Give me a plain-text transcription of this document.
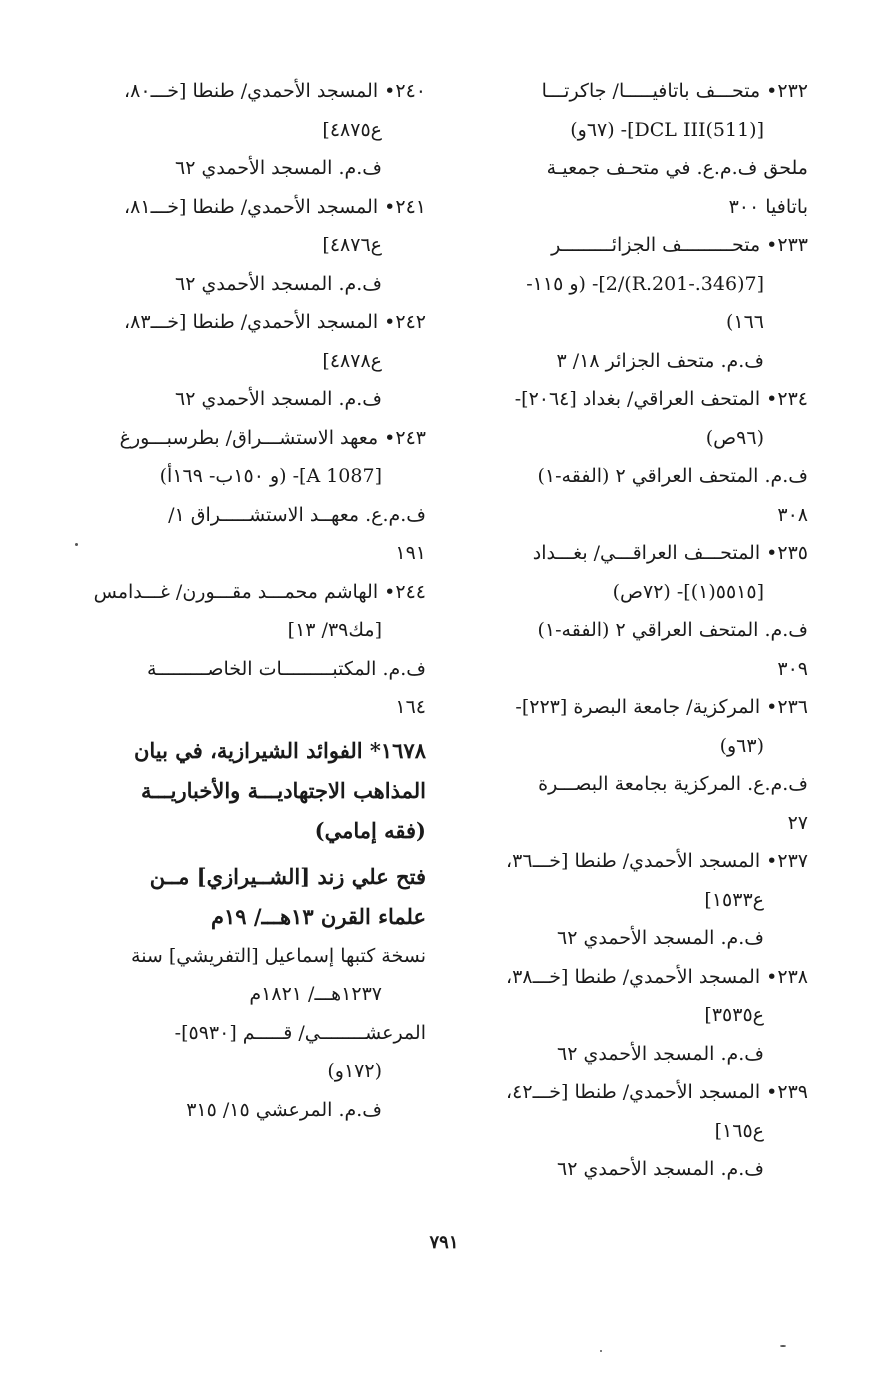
٢٣٢• متحـــف باتافيـــــا/ جاكرتـــا

[(511)DCL III]- (٦٧و)

ملحق ف.م.ع. في متحـف جمعيـة

باتافيا ٣٠٠

٢٣٣• متحـــــــــف الجزائـــــــــر

[7(346.-R.201)/2]- (و ١١٥-

١٦٦)

ف.م. متحف الجزائر ١٨/ ٣

٢٣٤• المتحف العراقي/ بغداد [٢٠٦٤]-

(٩٦ص)

ف.م. المتحف العراقي ٢ (الفقه-١)

٣٠٨

٢٣٥• المتحـــف العراقـــي/ بغـــداد

[٥٥١٥(١)]- (٧٢ص)

ف.م. المتحف العراقي ٢ (الفقه-١)

٣٠٩

٢٣٦• المركزية/ جامعة البصرة [٢٢٣]-

(٦٣و)

ف.م.ع. المركزية بجامعة البصـــرة

٢٧

٢٣٧• المسجد الأحمدي/ طنطا [خـــ٣٦،

ع١٥٣٣]

ف.م. المسجد الأحمدي ٦٢

٢٣٨• المسجد الأحمدي/ طنطا [خـــ٣٨،

ع٣٥٣٥]

ف.م. المسجد الأحمدي ٦٢

٢٣٩• المسجد الأحمدي/ طنطا [خـــ٤٢،

ع١٦٥]

ف.م. المسجد الأحمدي ٦٢

٢٤٠• المسجد الأحمدي/ طنطا [خـــ٨٠،

ع٤٨٧٥]

ف.م. المسجد الأحمدي ٦٢

٢٤١• المسجد الأحمدي/ طنطا [خـــ٨١،

ع٤٨٧٦]

ف.م. المسجد الأحمدي ٦٢

٢٤٢• المسجد الأحمدي/ طنطا [خـــ٨٣،

ع٤٨٧٨]

ف.م. المسجد الأحمدي ٦٢

٢٤٣• معهد الاستشـــراق/ بطرسبـــورغ

[A 1087]- (و ١٥٠ب- ١٦٩أ)

ف.م.ع. معهــد الاستشـــــراق ١/

١٩١

٢٤٤• الهاشم محمـــد مقـــورن/ غـــدامس

[مك٣٩/ ١٣]

ف.م. المكتبـــــــــات الخاصـــــــــة

١٦٤

١٦٧٨* الفوائد الشيرازية، في بيان

المذاهب الاجتهاديـــة والأخباريـــة

(فقه إمامي)

فتح علي زند [الشــيرازي] مــن

علماء القرن ١٣هـــ/ ١٩م

نسخة كتبها إسماعيل [التفريشي] سنة

١٢٣٧هـــ/ ١٨٢١م

المرعشــــــــي/ قـــــم [٥٩٣٠]-

(١٧٢و)

ف.م. المرعشي ١٥/ ٣١٥

٧٩١
